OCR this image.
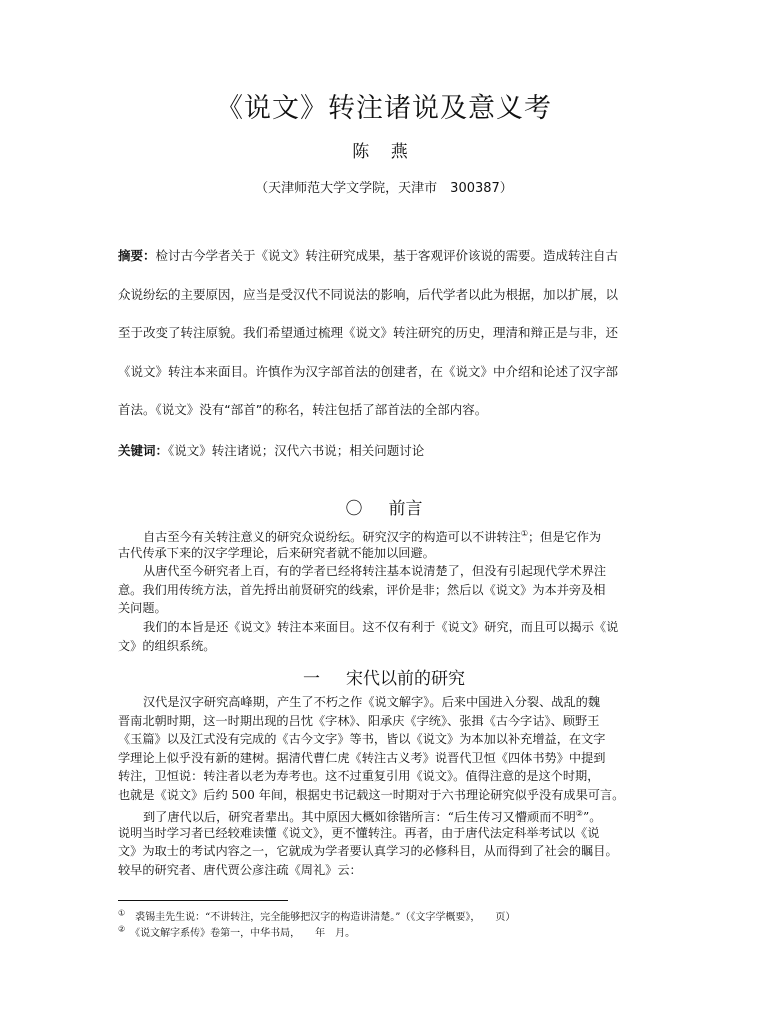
《说文》转注诸说及意义考
陈 燕
（天津师范大学文学院，天津市　300387）
摘要：检讨古今学者关于《说文》转注研究成果，基于客观评价该说的需要。造成转注自古
众说纷纭的主要原因，应当是受汉代不同说法的影响，后代学者以此为根据，加以扩展，以
至于改变了转注原貌。我们希望通过梳理《说文》转注研究的历史，理清和辩正是与非，还
《说文》转注本来面目。许慎作为汉字部首法的创建者，在《说文》中介绍和论述了汉字部
首法。《说文》没有“部首”的称名，转注包括了部首法的全部内容。
关键词：《说文》转注诸说；汉代六书说；相关问题讨论
〇 前言
自古至今有关转注意义的研究众说纷纭。研究汉字的构造可以不讲转注①；但是它作为
古代传承下来的汉字学理论，后来研究者就不能加以回避。
从唐代至今研究者上百，有的学者已经将转注基本说清楚了，但没有引起现代学术界注
意。我们用传统方法，首先捋出前贤研究的线索，评价是非；然后以《说文》为本并旁及相
关问题。
我们的本旨是还《说文》转注本来面目。这不仅有利于《说文》研究，而且可以揭示《说
文》的组织系统。
一 宋代以前的研究
汉代是汉字研究高峰期，产生了不朽之作《说文解字》。后来中国进入分裂、战乱的魏
晋南北朝时期，这一时期出现的吕忱《字林》、阳承庆《字统》、张揖《古今字诂》、顾野王
《玉篇》以及江式没有完成的《古今文字》等书，皆以《说文》为本加以补充增益，在文字
学理论上似乎没有新的建树。据清代曹仁虎《转注古义考》说晋代卫恒《四体书势》中提到
转注，卫恒说：转注者以老为寿考也。这不过重复引用《说文》。值得注意的是这个时期，
也就是《说文》后约 500 年间，根据史书记载这一时期对于六书理论研究似乎没有成果可言。
到了唐代以后，研究者辈出。其中原因大概如徐锴所言：“后生传习又懵顽而不明②”。
说明当时学习者已经较难读懂《说文》，更不懂转注。再者，由于唐代法定科举考试以《说
文》为取士的考试内容之一，它就成为学者要认真学习的必修科目，从而得到了社会的瞩目。
较早的研究者、唐代贾公彦注疏《周礼》云：
①　 裘锡圭先生说：“不讲转注，完全能够把汉字的构造讲清楚。”（《文字学概要》，　　页）
②　 《说文解字系传》卷第一，中华书局，　　年　月。
